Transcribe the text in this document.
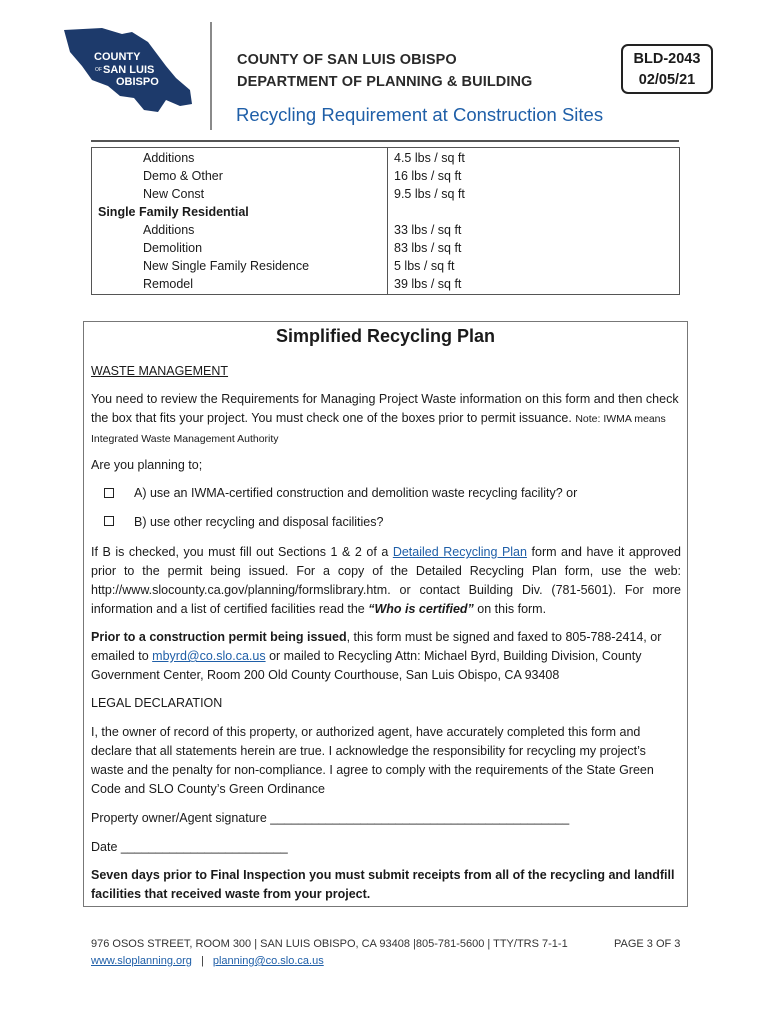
COUNTY
OF SAN LUIS
OBISPO
COUNTY OF SAN LUIS OBISPO
DEPARTMENT OF PLANNING & BUILDING
BLD-2043
02/05/21
Recycling Requirement at Construction Sites
Additions	4.5 lbs / sq ft
Demo & Other	16 lbs / sq ft
New Const	9.5 lbs / sq ft
Single Family Residential
Additions	33 lbs / sq ft
Demolition	83 lbs / sq ft
New Single Family Residence	5 lbs / sq ft
Remodel	39 lbs / sq ft
Simplified Recycling Plan
WASTE MANAGEMENT
You need to review the Requirements for Managing Project Waste information on this form and then check the box that fits your project. You must check one of the boxes prior to permit issuance. Note: IWMA means Integrated Waste Management Authority
Are you planning to;
A) use an IWMA-certified construction and demolition waste recycling facility? or
B) use other recycling and disposal facilities?
If B is checked, you must fill out Sections 1 & 2 of a Detailed Recycling Plan form and have it approved prior to the permit being issued. For a copy of the Detailed Recycling Plan form, use the web: http://www.slocounty.ca.gov/planning/formslibrary.htm. or contact Building Div. (781-5601). For more information and a list of certified facilities read the “Who is certified” on this form.
Prior to a construction permit being issued, this form must be signed and faxed to 805-788-2414, or emailed to mbyrd@co.slo.ca.us or mailed to Recycling Attn: Michael Byrd, Building Division, County Government Center, Room 200 Old County Courthouse, San Luis Obispo, CA 93408
LEGAL DECLARATION
I, the owner of record of this property, or authorized agent, have accurately completed this form and declare that all statements herein are true. I acknowledge the responsibility for recycling my project’s waste and the penalty for non-compliance. I agree to comply with the requirements of the State Green Code and SLO County’s Green Ordinance
Property owner/Agent signature ___________________________________________
Date ________________________
Seven days prior to Final Inspection you must submit receipts from all of the recycling and landfill facilities that received waste from your project.
976 OSOS STREET, ROOM 300 | SAN LUIS OBISPO, CA 93408 |805-781-5600 | TTY/TRS 7-1-1	PAGE 3 OF 3
www.sloplanning.org | planning@co.slo.ca.us
